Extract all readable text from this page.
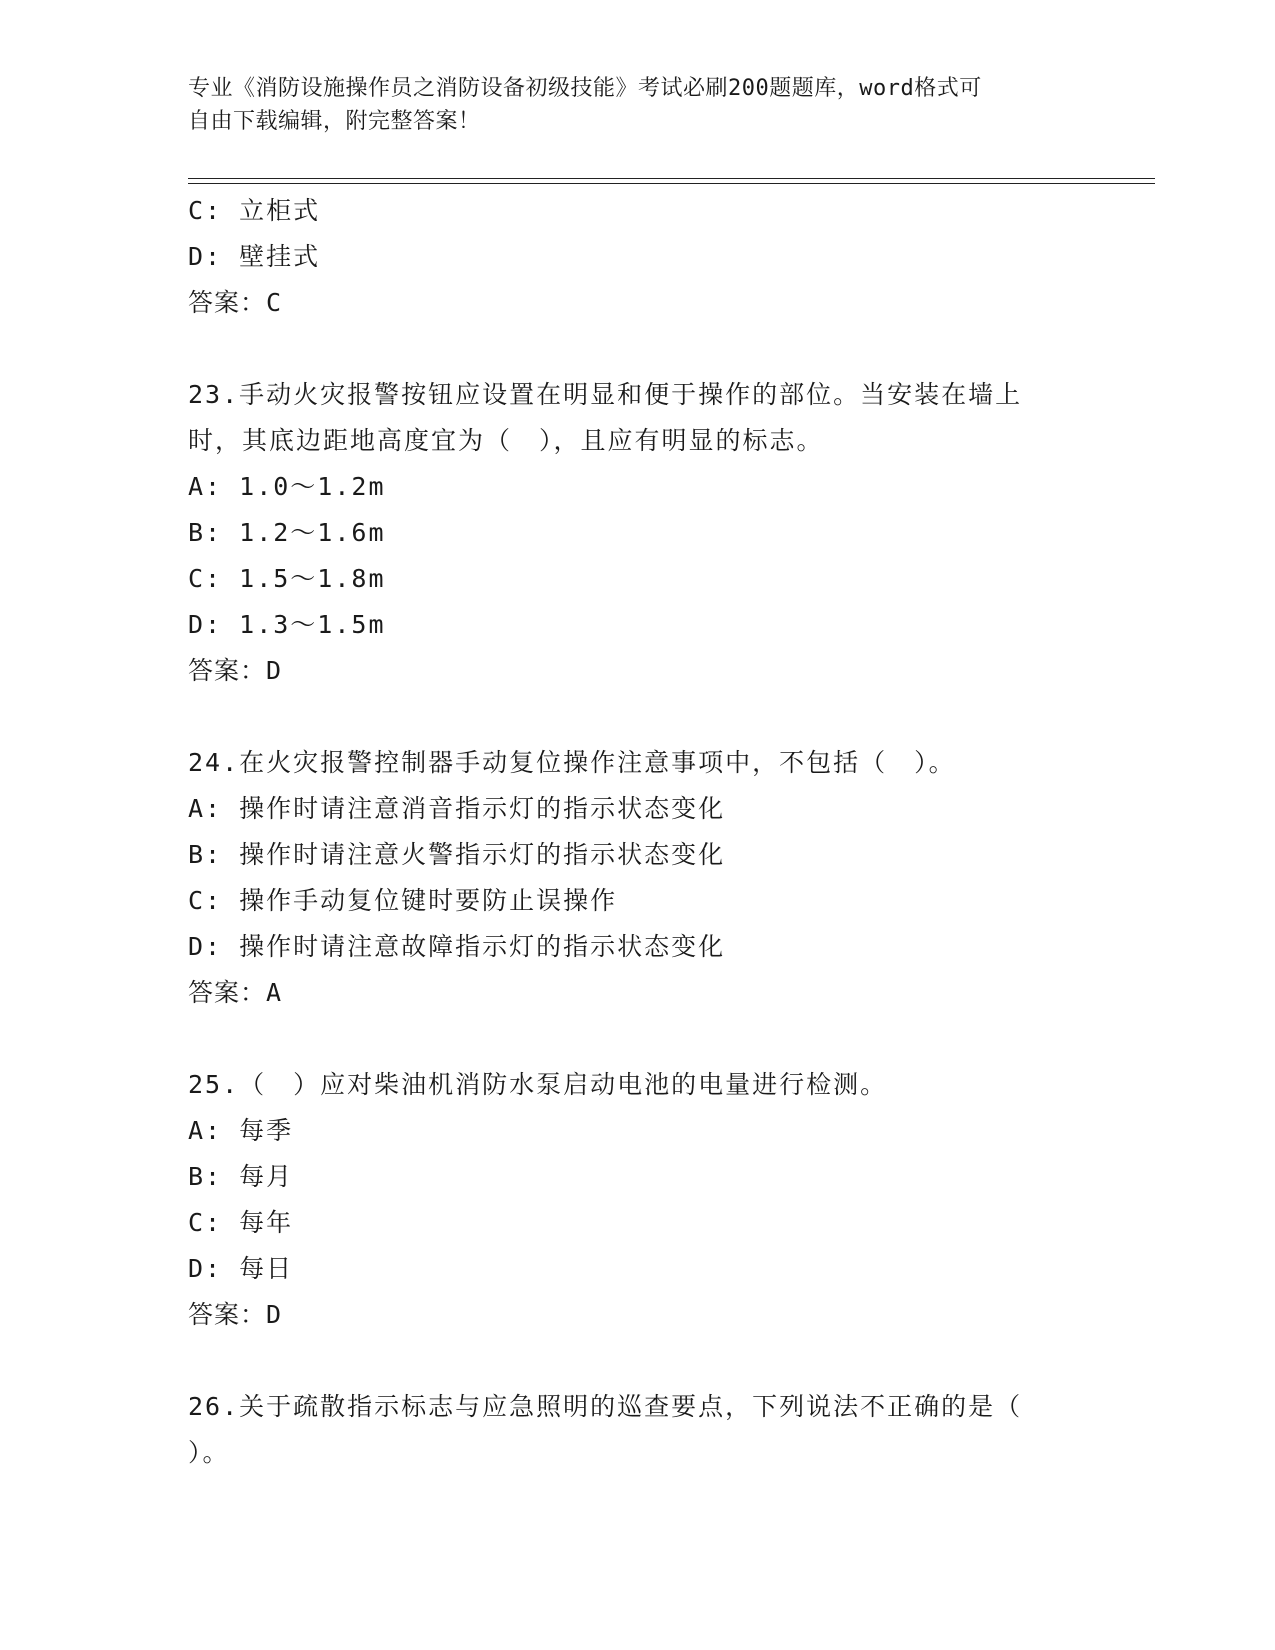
专业《消防设施操作员之消防设备初级技能》考试必刷200题题库，word格式可
自由下载编辑，附完整答案！
C: 立柜式
D: 壁挂式
答案：C
23.手动火灾报警按钮应设置在明显和便于操作的部位。当安装在墙上
时，其底边距地高度宜为（　），且应有明显的标志。
A: 1.0～1.2m
B: 1.2～1.6m
C: 1.5～1.8m
D: 1.3～1.5m
答案：D
24.在火灾报警控制器手动复位操作注意事项中，不包括（　）。
A: 操作时请注意消音指示灯的指示状态变化
B: 操作时请注意火警指示灯的指示状态变化
C: 操作手动复位键时要防止误操作
D: 操作时请注意故障指示灯的指示状态变化
答案：A
25.（　）应对柴油机消防水泵启动电池的电量进行检测。
A: 每季
B: 每月
C: 每年
D: 每日
答案：D
26.关于疏散指示标志与应急照明的巡查要点，下列说法不正确的是（
）。
